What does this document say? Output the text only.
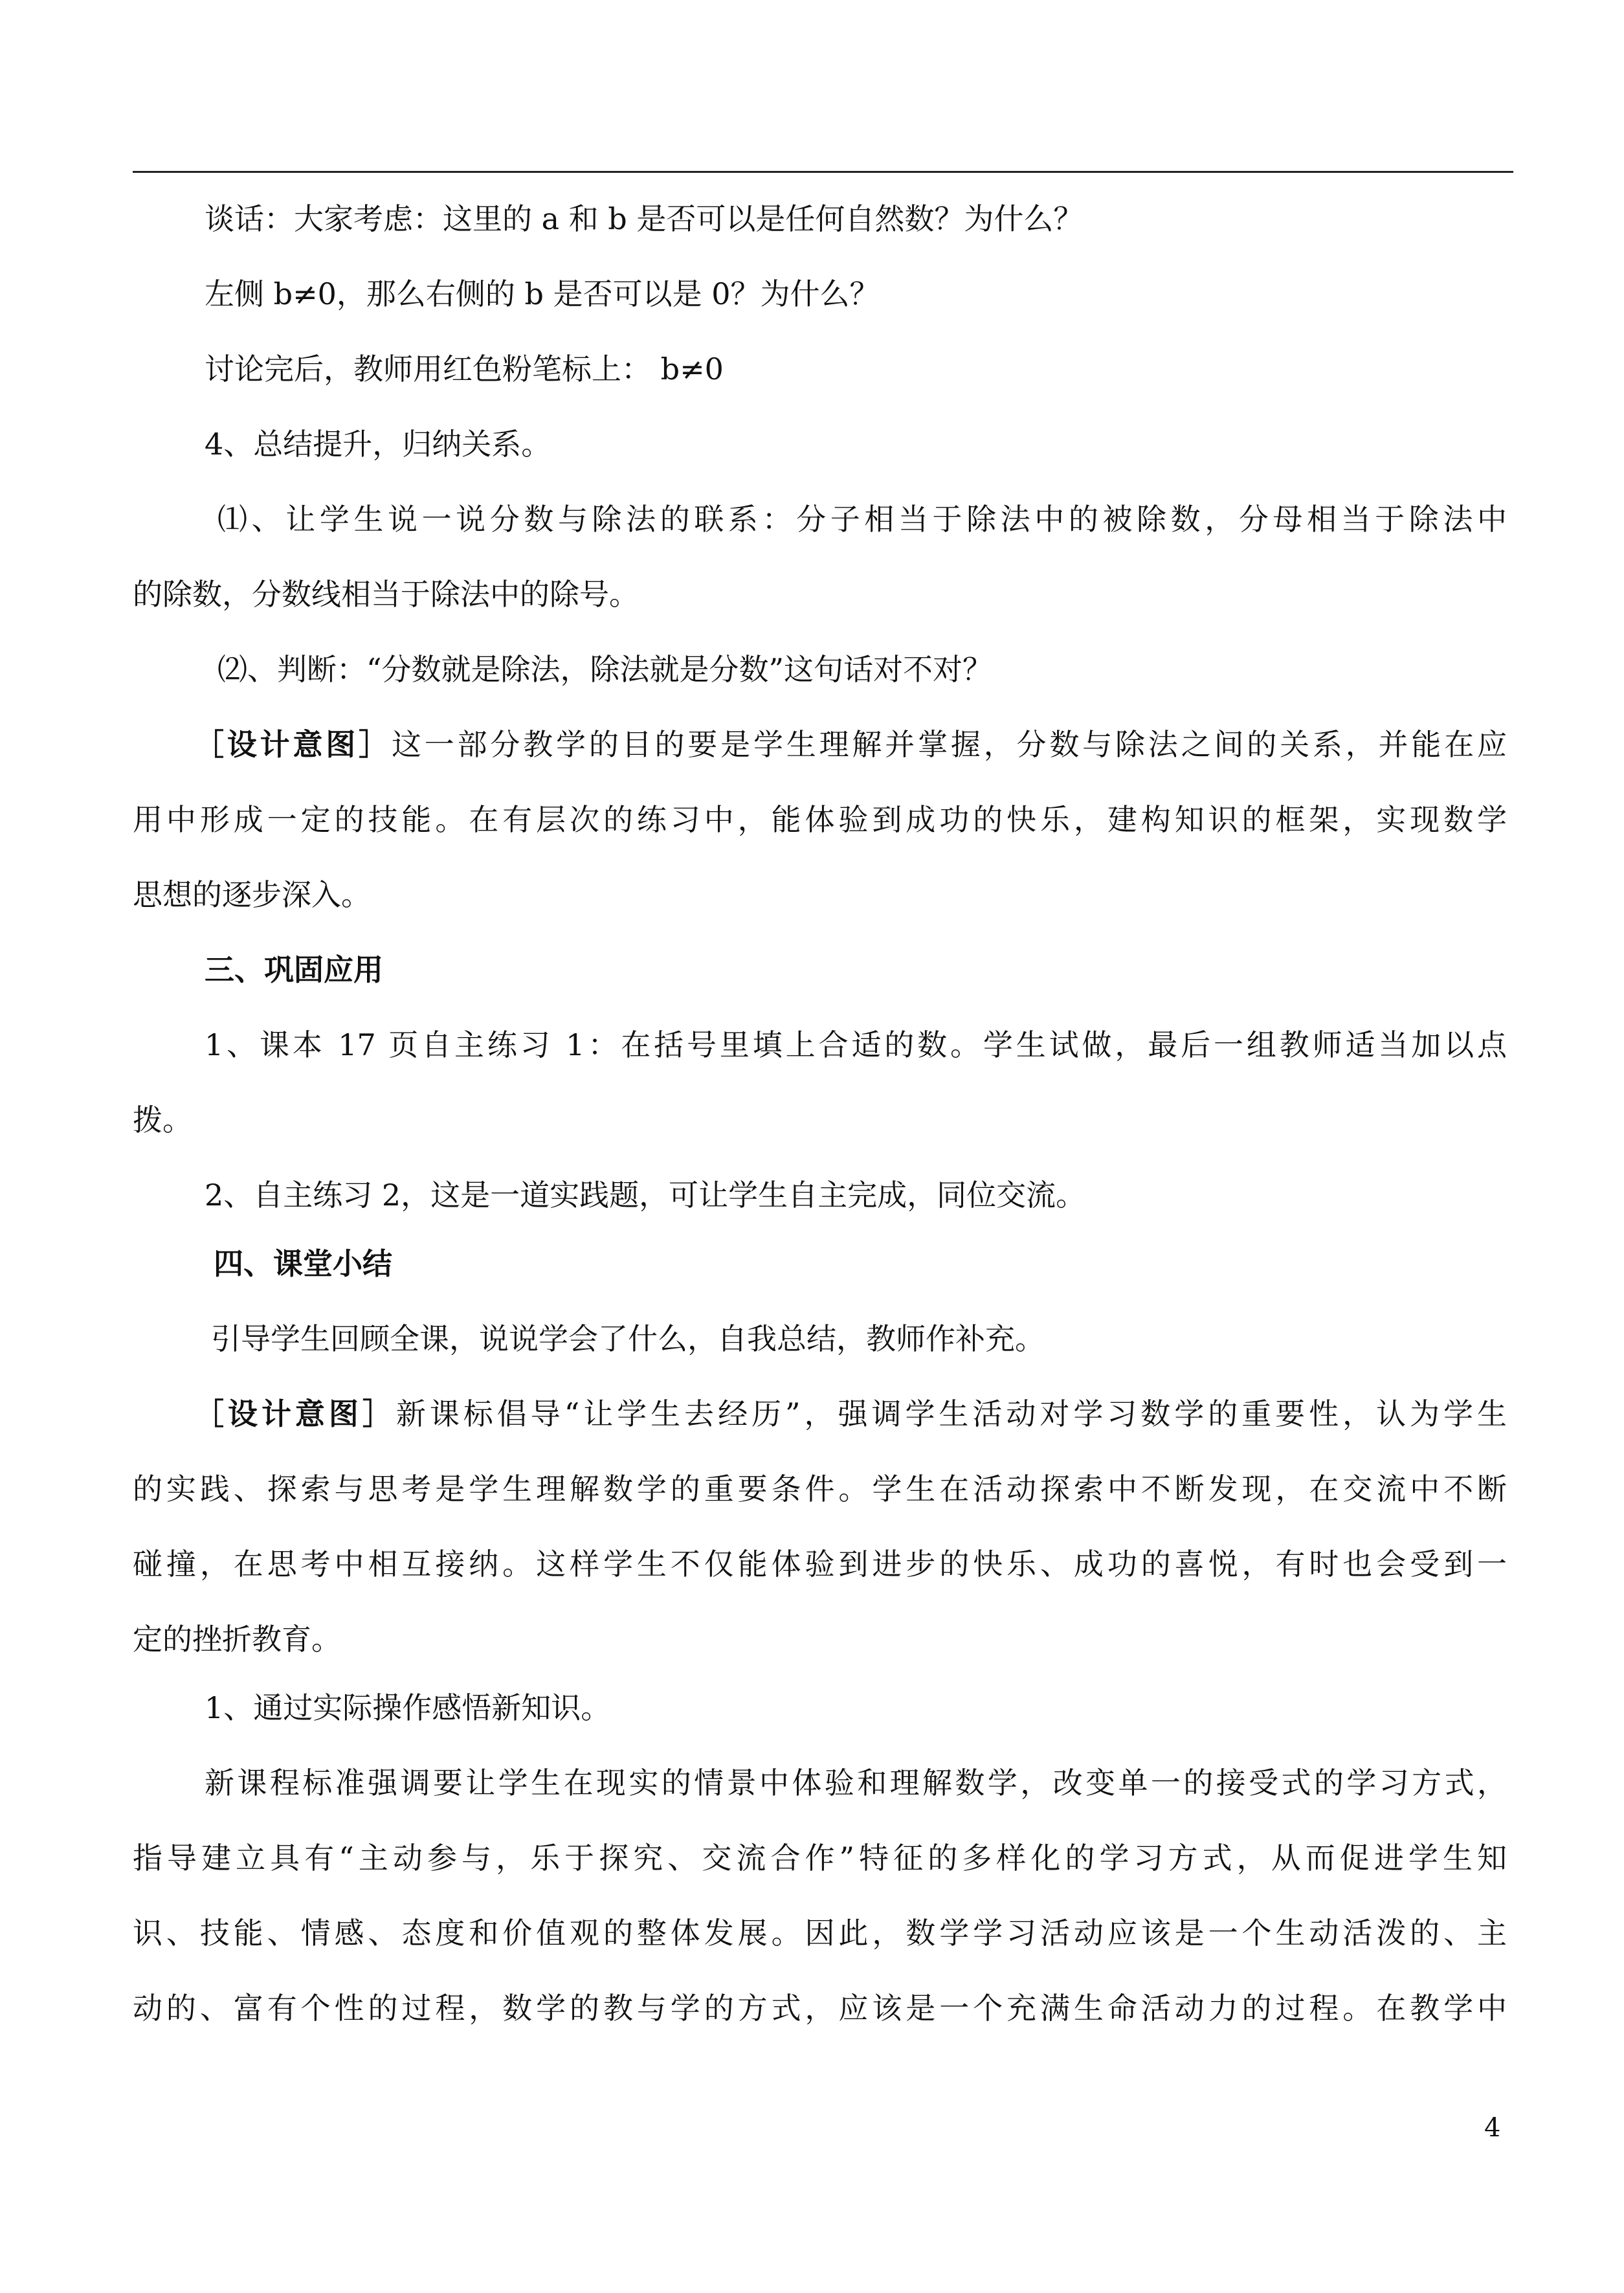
谈话：大家考虑：这里的 a 和 b 是否可以是任何自然数？为什么？

左侧 b≠0，那么右侧的 b 是否可以是 0？为什么？

讨论完后，教师用红色粉笔标上： b≠0

4、总结提升，归纳关系。

⑴、让学生说一说分数与除法的联系：分子相当于除法中的被除数，分母相当于除法中

的除数，分数线相当于除法中的除号。

⑵、判断：“分数就是除法，除法就是分数”这句话对不对？

［设计意图］这一部分教学的目的要是学生理解并掌握，分数与除法之间的关系，并能在应

用中形成一定的技能。在有层次的练习中，能体验到成功的快乐，建构知识的框架，实现数学

思想的逐步深入。

三、巩固应用

1、课本 17 页自主练习 1：在括号里填上合适的数。学生试做，最后一组教师适当加以点

拨。

2、自主练习 2，这是一道实践题，可让学生自主完成，同位交流。

四、课堂小结

引导学生回顾全课，说说学会了什么，自我总结，教师作补充。

［设计意图］新课标倡导“让学生去经历”，强调学生活动对学习数学的重要性，认为学生

的实践、探索与思考是学生理解数学的重要条件。学生在活动探索中不断发现，在交流中不断

碰撞，在思考中相互接纳。这样学生不仅能体验到进步的快乐、成功的喜悦，有时也会受到一

定的挫折教育。

1、通过实际操作感悟新知识。

新课程标准强调要让学生在现实的情景中体验和理解数学，改变单一的接受式的学习方式，

指导建立具有“主动参与，乐于探究、交流合作”特征的多样化的学习方式，从而促进学生知

识、技能、情感、态度和价值观的整体发展。因此，数学学习活动应该是一个生动活泼的、主

动的、富有个性的过程，数学的教与学的方式，应该是一个充满生命活动力的过程。在教学中

4
